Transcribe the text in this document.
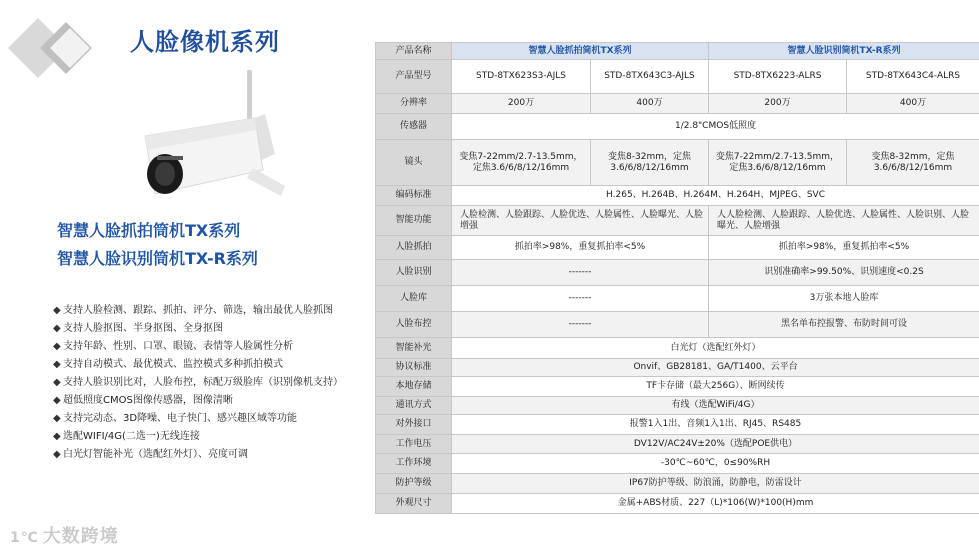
人脸像机系列
智慧人脸抓拍筒机TX系列
智慧人脸识别筒机TX-R系列
◆ 支持人脸检测、跟踪、抓拍、评分、筛选，输出最优人脸抓图
◆ 支持人脸抠图、半身抠图、全身抠图
◆ 支持年龄、性别、口罩、眼镜、表情等人脸属性分析
◆ 支持自动模式、最优模式、监控模式多种抓拍模式
◆ 支持人脸识别比对，人脸布控，标配万级脸库（识别像机支持）
◆ 超低照度CMOS图像传感器，图像清晰
◆ 支持完动态、3D降噪、电子快门、感兴趣区域等功能
◆ 选配WIFI/4G(二选一)无线连接
◆ 白光灯智能补光（选配红外灯）、亮度可调
1℃ 大数跨境
产品名称	智慧人脸抓拍筒机TX系列		智慧人脸识别筒机TX-R系列	
产品型号	STD-8TX623S3-AJLS	STD-8TX643C3-AJLS	STD-8TX6223-ALRS	STD-8TX643C4-ALRS
分辨率	200万	400万	200万	400万
传感器	1/2.8"CMOS低照度			
镜头	变焦7-22mm/2.7-13.5mm，定焦3.6/6/8/12/16mm	变焦8-32mm，定焦3.6/6/8/12/16mm	变焦7-22mm/2.7-13.5mm，定焦3.6/6/8/12/16mm	变焦8-32mm，定焦3.6/6/8/12/16mm
编码标准	H.265、H.264B、H.264M、H.264H、MJPEG、SVC			
智能功能	人脸检测、人脸跟踪、人脸优选、人脸属性、人脸曝光、人脸增强		人人脸检测、人脸跟踪、人脸优选、人脸属性、人脸识别、人脸曝光、人脸增强	
人脸抓拍	抓拍率>98%，重复抓拍率<5%		抓拍率>98%，重复抓拍率<5%	
人脸识别	-------		识别准确率>99.50%、识别速度<0.2S	
人脸库	-------		3万张本地人脸库	
人脸布控	-------		黑名单布控报警、布防时间可设	
智能补光	白光灯（选配红外灯）			
协议标准	Onvif、GB28181、GA/T1400、云平台			
本地存储	TF卡存储（最大256G）、断网续传			
通讯方式	有线（选配WiFi/4G）			
对外接口	报警1入1出、音频1入1出、RJ45、RS485			
工作电压	DV12V/AC24V±20%（选配POE供电）			
工作环境	-30℃~60℃，0≤90%RH			
防护等级	IP67防护等级、防浪涌，防静电，防雷设计			
外观尺寸	金属+ABS材质、227（L)*106(W)*100(H)mm			
